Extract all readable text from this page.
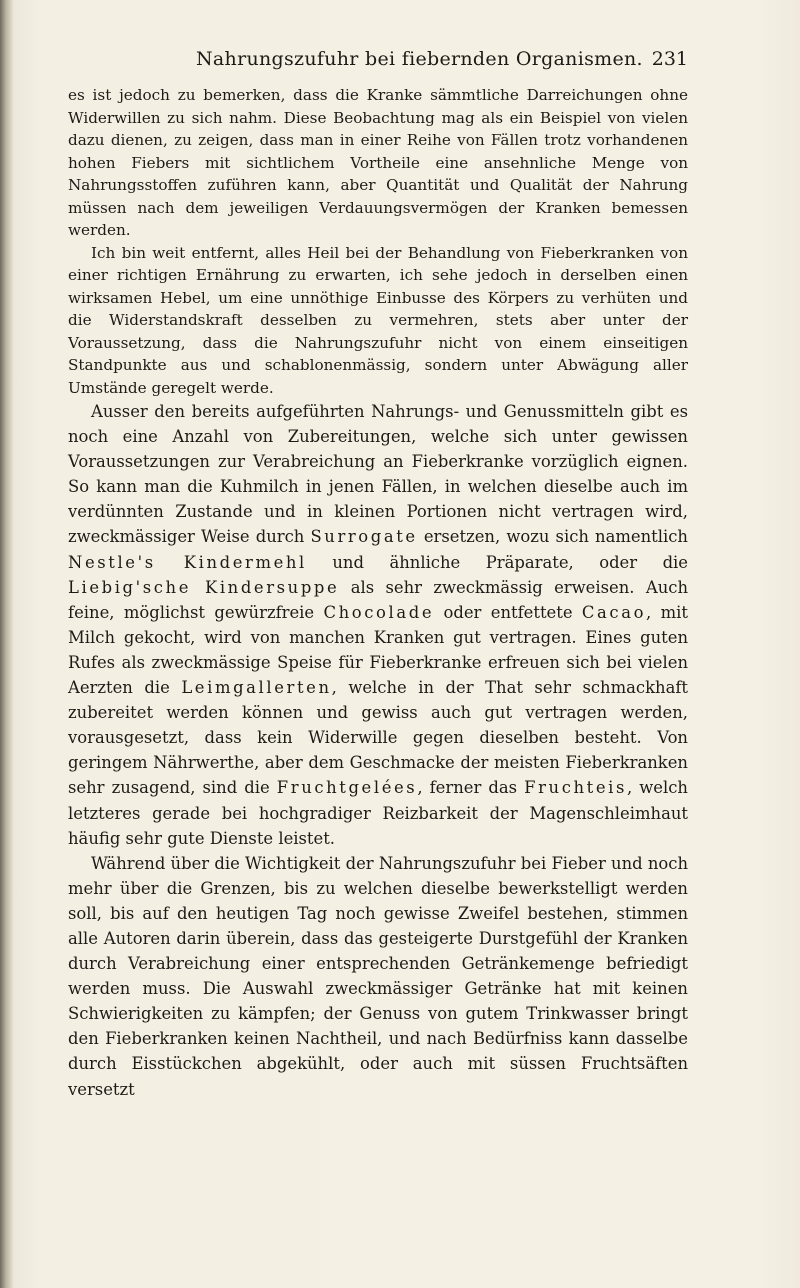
Nahrungszufuhr bei fiebernden Organismen. 231

es ist jedoch zu bemerken, dass die Kranke sämmtliche Darreichungen ohne Widerwillen zu sich nahm. Diese Beobachtung mag als ein Beispiel von vielen dazu dienen, zu zeigen, dass man in einer Reihe von Fällen trotz vorhandenen hohen Fiebers mit sichtlichem Vortheile eine ansehnliche Menge von Nahrungsstoffen zuführen kann, aber Quantität und Qualität der Nahrung müssen nach dem jeweiligen Verdauungsvermögen der Kranken bemessen werden.

Ich bin weit entfernt, alles Heil bei der Behandlung von Fieberkranken von einer richtigen Ernährung zu erwarten, ich sehe jedoch in derselben einen wirksamen Hebel, um eine unnöthige Einbusse des Körpers zu verhüten und die Widerstandskraft desselben zu vermehren, stets aber unter der Voraussetzung, dass die Nahrungszufuhr nicht von einem einseitigen Standpunkte aus und schablonenmässig, sondern unter Abwägung aller Umstände geregelt werde.

Ausser den bereits aufgeführten Nahrungs- und Genussmitteln gibt es noch eine Anzahl von Zubereitungen, welche sich unter gewissen Voraussetzungen zur Verabreichung an Fieberkranke vorzüglich eignen. So kann man die Kuhmilch in jenen Fällen, in welchen dieselbe auch im verdünnten Zustande und in kleinen Portionen nicht vertragen wird, zweckmässiger Weise durch Surrogate ersetzen, wozu sich namentlich Nestle's Kindermehl und ähnliche Präparate, oder die Liebig'sche Kindersuppe als sehr zweckmässig erweisen. Auch feine, möglichst gewürzfreie Chocolade oder entfettete Cacao, mit Milch gekocht, wird von manchen Kranken gut vertragen. Eines guten Rufes als zweckmässige Speise für Fieberkranke erfreuen sich bei vielen Aerzten die Leimgallerten, welche in der That sehr schmackhaft zubereitet werden können und gewiss auch gut vertragen werden, vorausgesetzt, dass kein Widerwille gegen dieselben besteht. Von geringem Nährwerthe, aber dem Geschmacke der meisten Fieberkranken sehr zusagend, sind die Fruchtgelées, ferner das Fruchteis, welch letzteres gerade bei hochgradiger Reizbarkeit der Magenschleimhaut häufig sehr gute Dienste leistet.

Während über die Wichtigkeit der Nahrungszufuhr bei Fieber und noch mehr über die Grenzen, bis zu welchen dieselbe bewerkstelligt werden soll, bis auf den heutigen Tag noch gewisse Zweifel bestehen, stimmen alle Autoren darin überein, dass das gesteigerte Durstgefühl der Kranken durch Verabreichung einer entsprechenden Getränkemenge befriedigt werden muss. Die Auswahl zweckmässiger Getränke hat mit keinen Schwierigkeiten zu kämpfen; der Genuss von gutem Trinkwasser bringt den Fieberkranken keinen Nachtheil, und nach Bedürfniss kann dasselbe durch Eisstückchen abgekühlt, oder auch mit süssen Fruchtsäften versetzt
